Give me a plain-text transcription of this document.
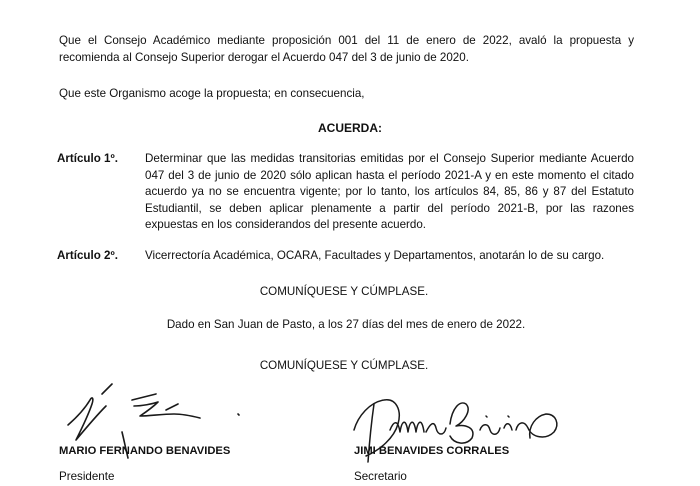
Que el Consejo Académico mediante proposición 001 del 11 de enero de 2022, avaló la propuesta y recomienda al Consejo Superior derogar el Acuerdo 047 del 3 de junio de 2020.
Que este Organismo acoge la propuesta; en consecuencia,
ACUERDA:
Artículo 1º. Determinar que las medidas transitorias emitidas por el Consejo Superior mediante Acuerdo 047 del 3 de junio de 2020 sólo aplican hasta el período 2021-A y en este momento el citado acuerdo ya no se encuentra vigente; por lo tanto, los artículos 84, 85, 86 y 87 del Estatuto Estudiantil, se deben aplicar plenamente a partir del período 2021-B, por las razones expuestas en los considerandos del presente acuerdo.
Artículo 2º. Vicerrectoría Académica, OCARA, Facultades y Departamentos, anotarán lo de su cargo.
COMUNÍQUESE Y CÚMPLASE.
Dado en San Juan de Pasto, a los 27 días del mes de enero de 2022.
COMUNÍQUESE Y CÚMPLASE.
MARIO FERNANDO BENAVIDES
Presidente
JIMI BENAVIDES CORRALES
Secretario
